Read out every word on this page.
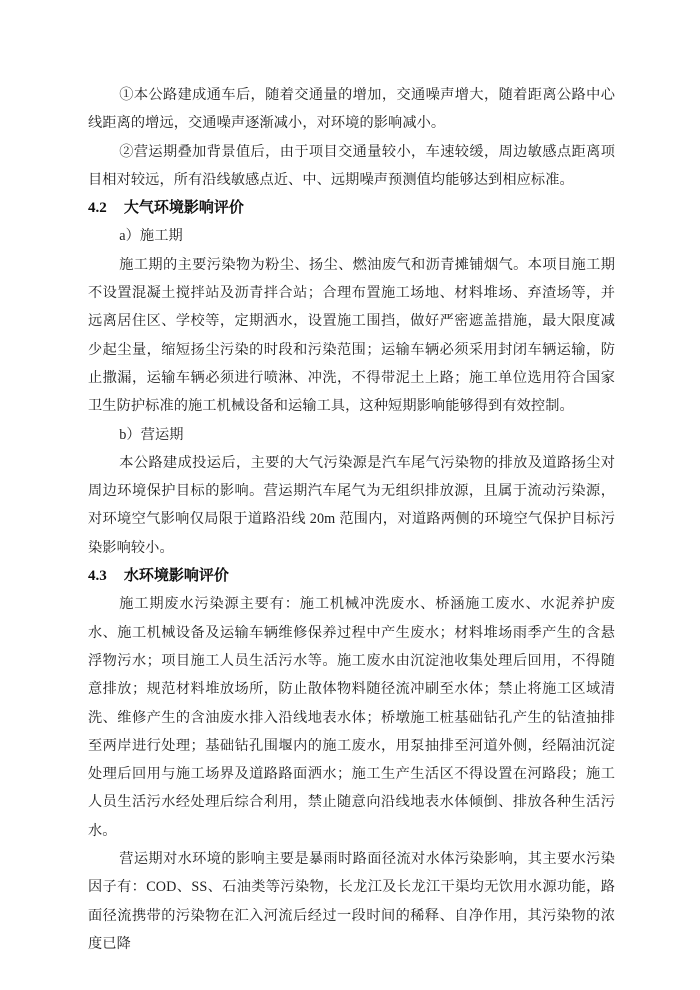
①本公路建成通车后，随着交通量的增加，交通噪声增大，随着距离公路中心线距离的增远，交通噪声逐渐减小，对环境的影响减小。

②营运期叠加背景值后，由于项目交通量较小，车速较缓，周边敏感点距离项目相对较远，所有沿线敏感点近、中、远期噪声预测值均能够达到相应标准。

4.2 大气环境影响评价

a）施工期

施工期的主要污染物为粉尘、扬尘、燃油废气和沥青摊铺烟气。本项目施工期不设置混凝土搅拌站及沥青拌合站；合理布置施工场地、材料堆场、弃渣场等，并远离居住区、学校等，定期洒水，设置施工围挡，做好严密遮盖措施，最大限度减少起尘量，缩短扬尘污染的时段和污染范围；运输车辆必须采用封闭车辆运输，防止撒漏，运输车辆必须进行喷淋、冲洗，不得带泥土上路；施工单位选用符合国家卫生防护标准的施工机械设备和运输工具，这种短期影响能够得到有效控制。

b）营运期

本公路建成投运后，主要的大气污染源是汽车尾气污染物的排放及道路扬尘对周边环境保护目标的影响。营运期汽车尾气为无组织排放源，且属于流动污染源，对环境空气影响仅局限于道路沿线 20m 范围内，对道路两侧的环境空气保护目标污染影响较小。

4.3 水环境影响评价

施工期废水污染源主要有：施工机械冲洗废水、桥涵施工废水、水泥养护废水、施工机械设备及运输车辆维修保养过程中产生废水；材料堆场雨季产生的含悬浮物污水；项目施工人员生活污水等。施工废水由沉淀池收集处理后回用，不得随意排放；规范材料堆放场所，防止散体物料随径流冲刷至水体；禁止将施工区域清洗、维修产生的含油废水排入沿线地表水体；桥墩施工桩基础钻孔产生的钻渣抽排至两岸进行处理；基础钻孔围堰内的施工废水，用泵抽排至河道外侧，经隔油沉淀处理后回用与施工场界及道路路面洒水；施工生产生活区不得设置在河路段；施工人员生活污水经处理后综合利用，禁止随意向沿线地表水体倾倒、排放各种生活污水。

营运期对水环境的影响主要是暴雨时路面径流对水体污染影响，其主要水污染因子有：COD、SS、石油类等污染物，长龙江及长龙江干渠均无饮用水源功能，路面径流携带的污染物在汇入河流后经过一段时间的稀释、自净作用，其污染物的浓度已降
